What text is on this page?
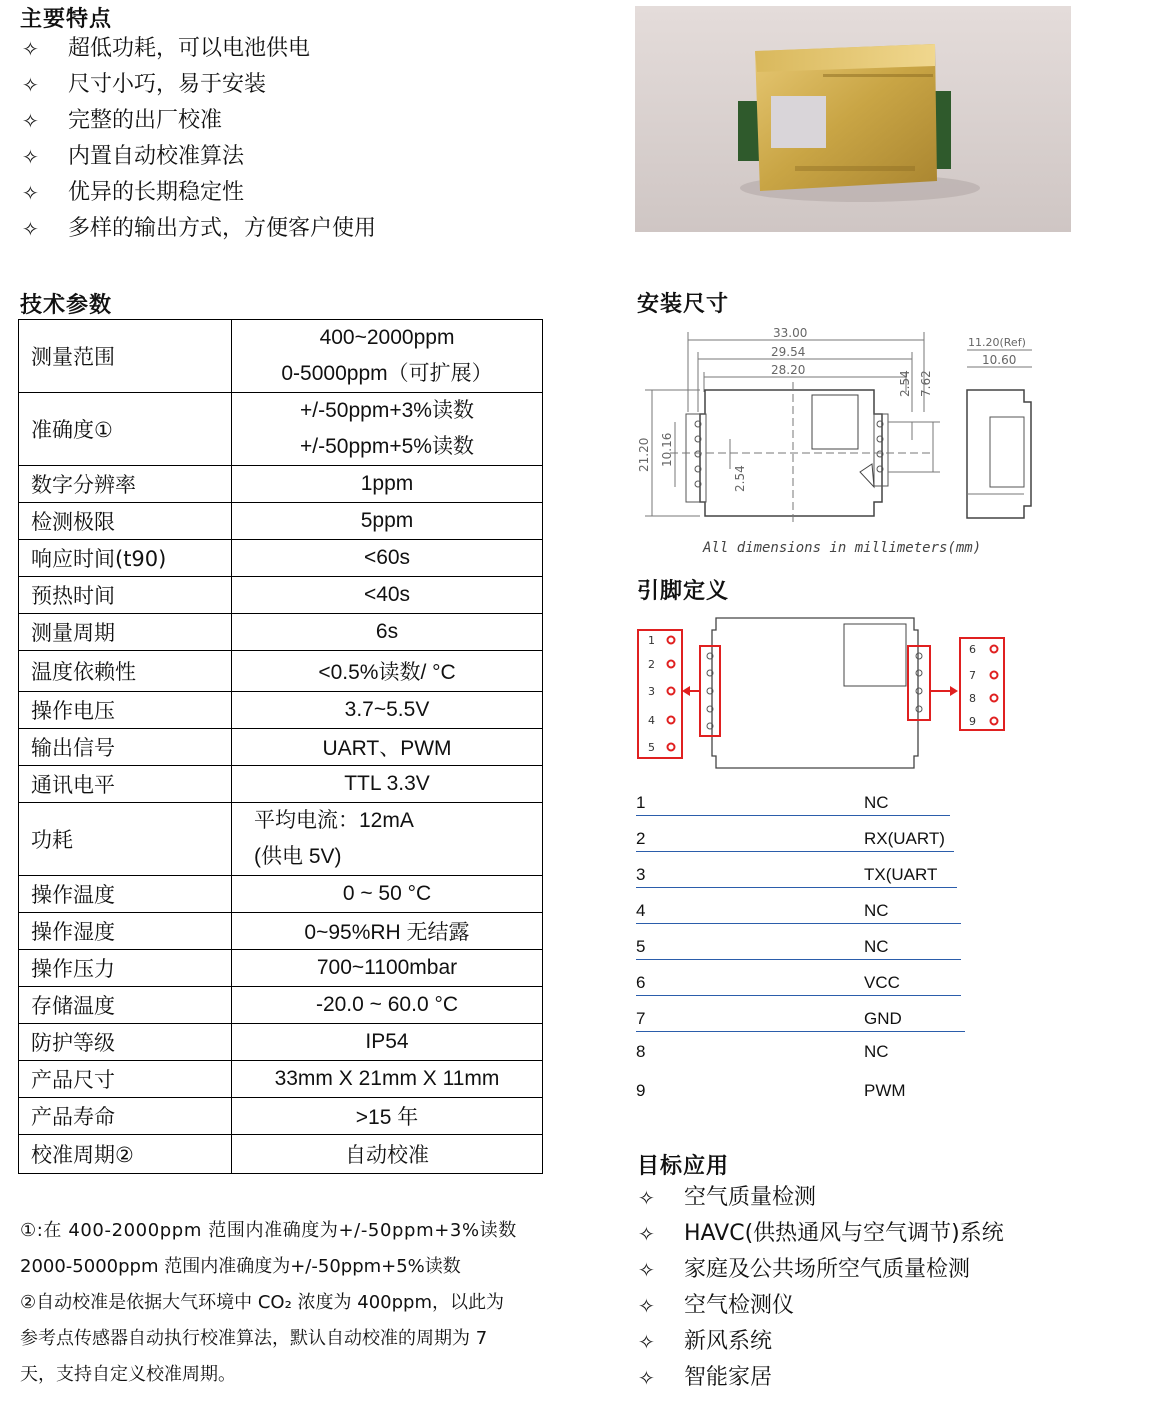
主要特点
✧ 超低功耗，可以电池供电
✧ 尺寸小巧，易于安装
✧ 完整的出厂校准
✧ 内置自动校准算法
✧ 优异的长期稳定性
✧ 多样的输出方式，方便客户使用
技术参数
测量范围	400~2000ppm
0-5000ppm（可扩展）

准确度①	+/-50ppm+3%读数
+/-50ppm+5%读数

数字分辨率	1ppm
检测极限	5ppm
响应时间(t90)	<60s
预热时间	<40s
测量周期	6s
温度依赖性	<0.5%读数/ °C
操作电压	3.7~5.5V
输出信号	UART、PWM
通讯电平	TTL 3.3V
功耗	平均电流：12mA
(供电 5V)

操作温度	0 ~ 50 °C
操作湿度	0~95%RH 无结露
操作压力	700~1100mbar
存储温度	-20.0 ~ 60.0 °C
防护等级	IP54
产品尺寸	33mm X 21mm X 11mm
产品寿命	>15 年
校准周期②	自动校准

①:在 400-2000ppm 范围内准确度为+/-50ppm+3%读数

2000-5000ppm 范围内准确度为+/-50ppm+5%读数

②自动校准是依据大气环境中 CO₂ 浓度为 400ppm，以此为

参考点传感器自动执行校准算法，默认自动校准的周期为 7

天，支持自定义校准周期。

安装尺寸
33.00
29.54
28.20
21.20 10.16
2.54
2.54 7.62
11.20(Ref)
10.60
All dimensions in millimeters(mm)
引脚定义
1
2
3
4
5
6
7
8
9
1	NC
2	RX(UART)
3	TX(UART
4	NC
5	NC
6	VCC
7	GND
8	NC
9	PWM
目标应用
✧ 空气质量检测
✧ HAVC(供热通风与空气调节)系统
✧ 家庭及公共场所空气质量检测
✧ 空气检测仪
✧ 新风系统
✧ 智能家居
